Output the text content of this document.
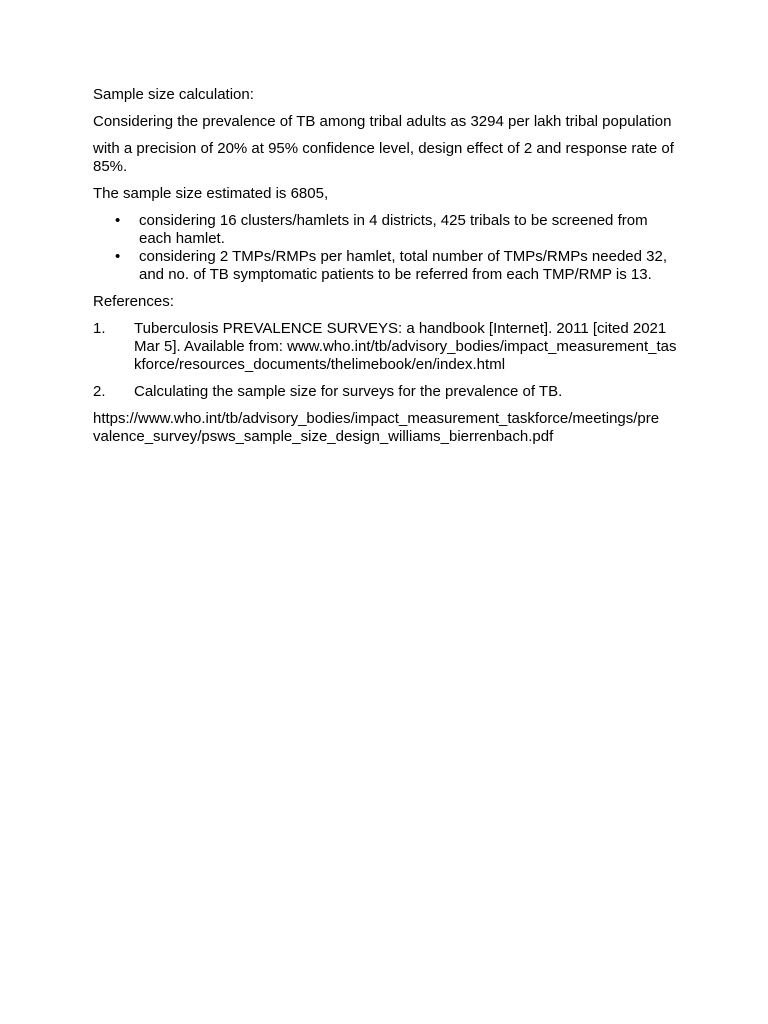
Sample size calculation:

Considering the prevalence of TB among tribal adults as 3294 per lakh tribal population

with a precision of 20% at 95% confidence level, design effect of 2 and response rate of 85%.

The sample size estimated is 6805,

• considering 16 clusters/hamlets in 4 districts, 425 tribals to be screened from each hamlet.
• considering 2 TMPs/RMPs per hamlet, total number of TMPs/RMPs needed 32, and no. of TB symptomatic patients to be referred from each TMP/RMP is 13.

References:

1. Tuberculosis PREVALENCE SURVEYS: a handbook [Internet]. 2011 [cited 2021 Mar 5]. Available from: www.who.int/tb/advisory_bodies/impact_measurement_taskforce/resources_documents/thelimebook/en/index.html
2. Calculating the sample size for surveys for the prevalence of TB.

https://www.who.int/tb/advisory_bodies/impact_measurement_taskforce/meetings/prevalence_survey/psws_sample_size_design_williams_bierrenbach.pdf
